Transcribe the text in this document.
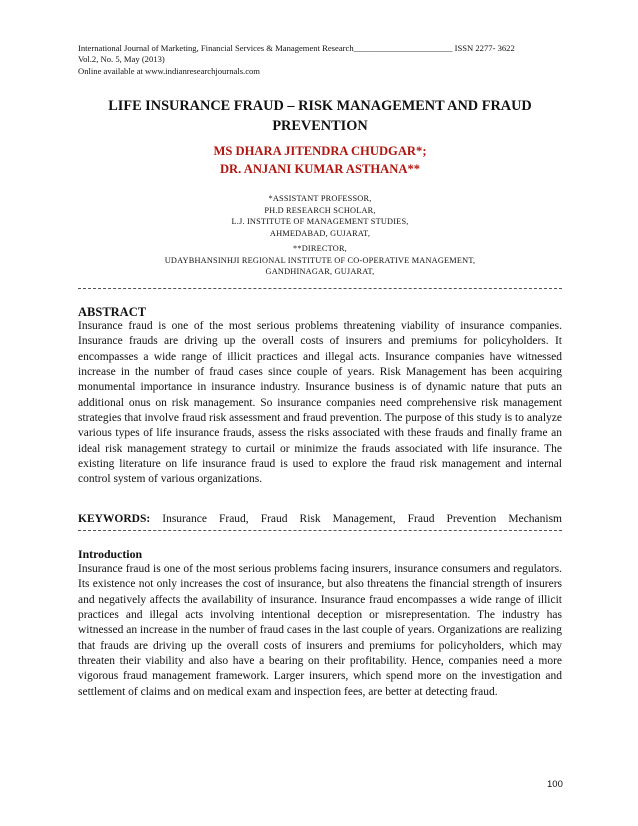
International Journal of Marketing, Financial Services & Management Research_______________________ ISSN 2277- 3622
Vol.2, No. 5, May (2013)
Online available at www.indianresearchjournals.com
LIFE INSURANCE FRAUD – RISK MANAGEMENT AND FRAUD
PREVENTION
MS DHARA JITENDRA CHUDGAR*;
DR. ANJANI KUMAR ASTHANA**
*ASSISTANT PROFESSOR,
PH.D RESEARCH SCHOLAR,
L.J. INSTITUTE OF MANAGEMENT STUDIES,
AHMEDABAD, GUJARAT,
**DIRECTOR,
UDAYBHANSINHJI REGIONAL INSTITUTE OF CO-OPERATIVE MANAGEMENT,
GANDHINAGAR, GUJARAT,
ABSTRACT
Insurance fraud is one of the most serious problems threatening viability of insurance companies. Insurance frauds are driving up the overall costs of insurers and premiums for policyholders. It encompasses a wide range of illicit practices and illegal acts. Insurance companies have witnessed increase in the number of fraud cases since couple of years. Risk Management has been acquiring monumental importance in insurance industry. Insurance business is of dynamic nature that puts an additional onus on risk management. So insurance companies need comprehensive risk management strategies that involve fraud risk assessment and fraud prevention. The purpose of this study is to analyze various types of life insurance frauds, assess the risks associated with these frauds and finally frame an ideal risk management strategy to curtail or minimize the frauds associated with life insurance. The existing literature on life insurance fraud is used to explore the fraud risk management and internal control system of various organizations.
KEYWORDS: Insurance Fraud, Fraud Risk Management, Fraud Prevention Mechanism
Introduction
Insurance fraud is one of the most serious problems facing insurers, insurance consumers and regulators. Its existence not only increases the cost of insurance, but also threatens the financial strength of insurers and negatively affects the availability of insurance. Insurance fraud encompasses a wide range of illicit practices and illegal acts involving intentional deception or misrepresentation. The industry has witnessed an increase in the number of fraud cases in the last couple of years. Organizations are realizing that frauds are driving up the overall costs of insurers and premiums for policyholders, which may threaten their viability and also have a bearing on their profitability. Hence, companies need a more vigorous fraud management framework. Larger insurers, which spend more on the investigation and settlement of claims and on medical exam and inspection fees, are better at detecting fraud.
100
